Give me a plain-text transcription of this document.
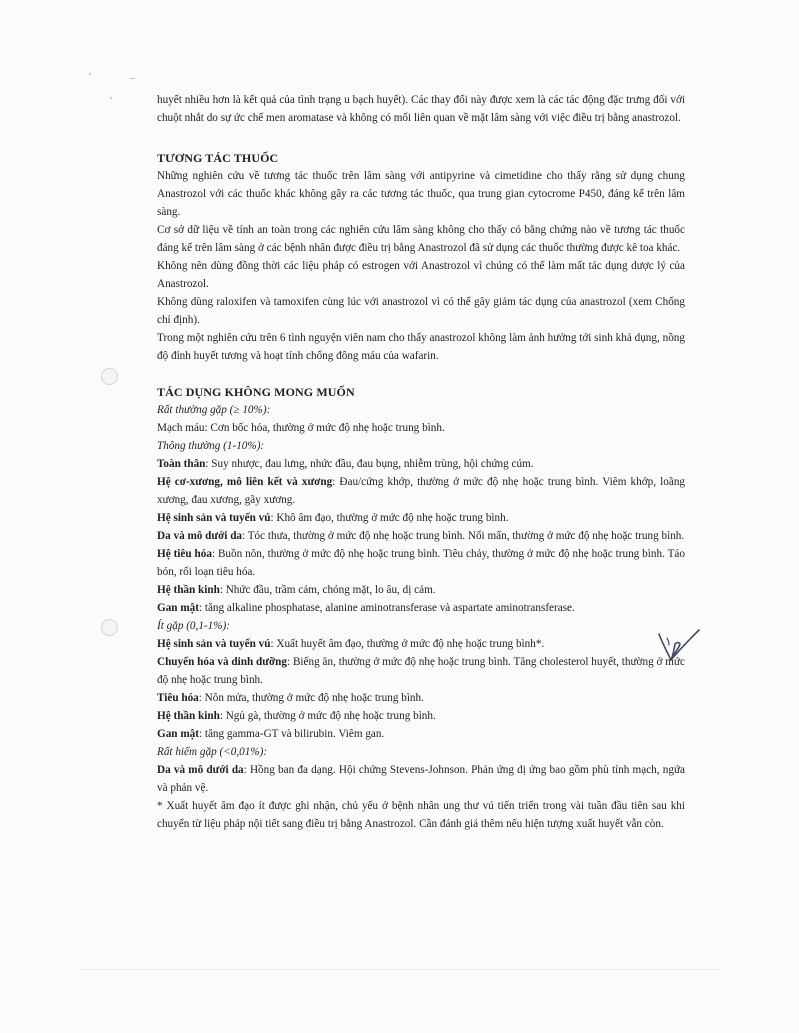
huyết nhiều hơn là kết quả của tình trạng u bạch huyết). Các thay đổi này được xem là các tác động đặc trưng đối với chuột nhắt do sự ức chế men aromatase và không có mối liên quan về mặt lâm sàng với việc điều trị bằng anastrozol.

TƯƠNG TÁC THUỐC

Những nghiên cứu về tương tác thuốc trên lâm sàng với antipyrine và cimetidine cho thấy rằng sử dụng chung Anastrozol với các thuốc khác không gây ra các tương tác thuốc, qua trung gian cytocrome P450, đáng kể trên lâm sàng.

Cơ sở dữ liệu về tính an toàn trong các nghiên cứu lâm sàng không cho thấy có bằng chứng nào về tương tác thuốc đáng kể trên lâm sàng ở các bệnh nhân được điều trị bằng Anastrozol đã sử dụng các thuốc thường được kê toa khác.

Không nên dùng đồng thời các liệu pháp có estrogen với Anastrozol vì chúng có thể làm mất tác dụng dược lý của Anastrozol.

Không dùng raloxifen và tamoxifen cùng lúc với anastrozol vì có thể gây giảm tác dụng của anastrozol (xem Chống chỉ định).

Trong một nghiên cứu trên 6 tình nguyện viên nam cho thấy anastrozol không làm ảnh hưởng tới sinh khả dụng, nồng độ đỉnh huyết tương và hoạt tính chống đông máu của wafarin.

TÁC DỤNG KHÔNG MONG MUỐN

Rất thường gặp (≥ 10%):

Mạch máu: Cơn bốc hỏa, thường ở mức độ nhẹ hoặc trung bình.

Thông thường (1-10%):

Toàn thân: Suy nhược, đau lưng, nhức đầu, đau bụng, nhiễm trùng, hội chứng cúm.

Hệ cơ-xương, mô liên kết và xương: Đau/cứng khớp, thường ở mức độ nhẹ hoặc trung bình. Viêm khớp, loãng xương, đau xương, gãy xương.

Hệ sinh sản và tuyến vú: Khô âm đạo, thường ở mức độ nhẹ hoặc trung bình.

Da và mô dưới da: Tóc thưa, thường ở mức độ nhẹ hoặc trung bình. Nổi mẩn, thường ở mức độ nhẹ hoặc trung bình.

Hệ tiêu hóa: Buồn nôn, thường ở mức độ nhẹ hoặc trung bình. Tiêu chảy, thường ở mức độ nhẹ hoặc trung bình. Táo bón, rối loạn tiêu hóa.

Hệ thần kinh: Nhức đầu, trầm cảm, chóng mặt, lo âu, dị cảm.

Gan mật: tăng alkaline phosphatase, alanine aminotransferase và aspartate aminotransferase.

Ít gặp (0,1-1%):

Hệ sinh sản và tuyến vú: Xuất huyết âm đạo, thường ở mức độ nhẹ hoặc trung bình*.

Chuyển hóa và dinh dưỡng: Biếng ăn, thường ở mức độ nhẹ hoặc trung bình. Tăng cholesterol huyết, thường ở mức độ nhẹ hoặc trung bình.

Tiêu hóa: Nôn mửa, thường ở mức độ nhẹ hoặc trung bình.

Hệ thần kinh: Ngủ gà, thường ở mức độ nhẹ hoặc trung bình.

Gan mật: tăng gamma-GT và bilirubin. Viêm gan.

Rất hiếm gặp (<0,01%):

Da và mô dưới da: Hồng ban đa dạng. Hội chứng Stevens-Johnson. Phản ứng dị ứng bao gồm phù tính mạch, ngứa và phản vệ.

* Xuất huyết âm đạo ít được ghi nhận, chủ yếu ở bệnh nhân ung thư vú tiến triển trong vài tuần đầu tiên sau khi chuyển từ liệu pháp nội tiết sang điều trị bằng Anastrozol. Cần đánh giá thêm nếu hiện tượng xuất huyết vẫn còn.
